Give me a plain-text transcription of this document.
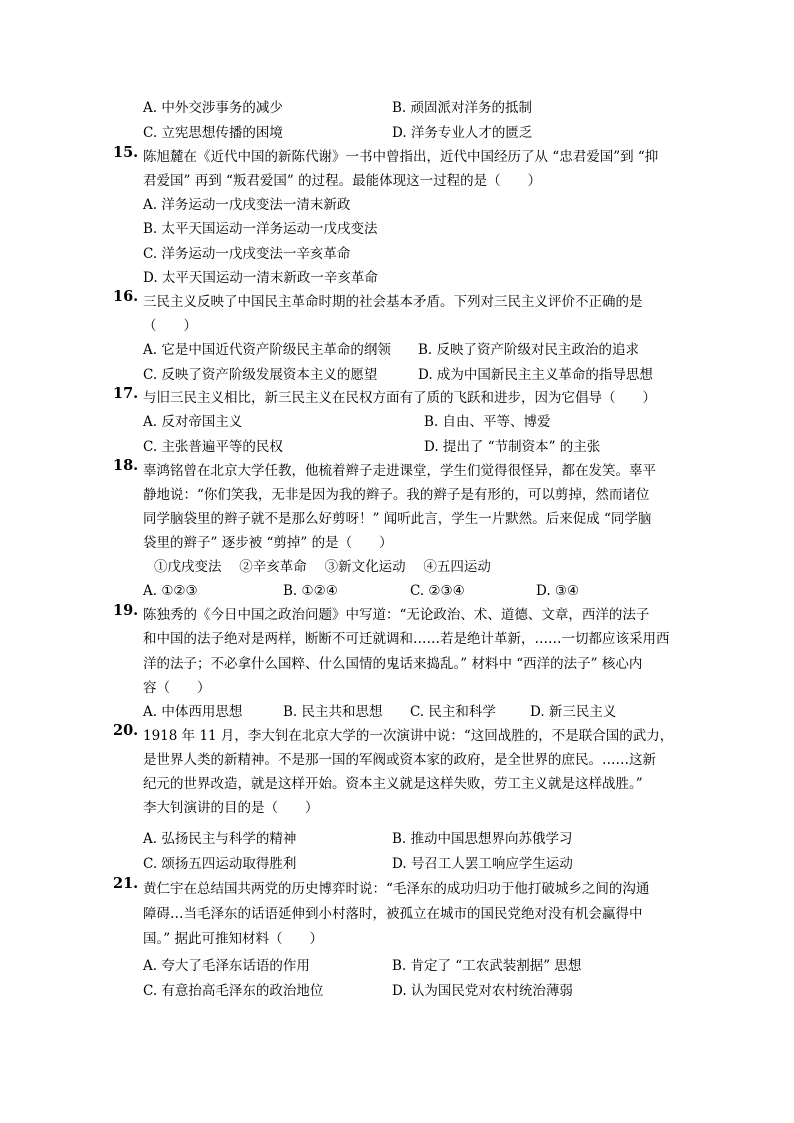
A. 中外交涉事务的减少	B. 顽固派对洋务的抵制
C. 立宪思想传播的困境	D. 洋务专业人才的匮乏
15. 陈旭麓在《近代中国的新陈代谢》一书中曾指出，近代中国经历了从 “忠君爱国”到 “抑
君爱国” 再到 “叛君爱国” 的过程。最能体现这一过程的是（　　）
A. 洋务运动一戊戌变法一清末新政
B. 太平天国运动一洋务运动一戊戌变法
C. 洋务运动一戊戌变法一辛亥革命
D. 太平天国运动一清末新政一辛亥革命
16. 三民主义反映了中国民主革命时期的社会基本矛盾。下列对三民主义评价不正确的是
（　　）
A. 它是中国近代资产阶级民主革命的纲领 B. 反映了资产阶级对民主政治的追求
C. 反映了资产阶级发展资本主义的愿望	D. 成为中国新民主主义革命的指导思想
17. 与旧三民主义相比，新三民主义在民权方面有了质的飞跃和进步，因为它倡导（　　）
A. 反对帝国主义	B. 自由、平等、博爱
C. 主张普遍平等的民权	D. 提出了 “节制资本” 的主张
18. 辜鸿铭曾在北京大学任教，他梳着辫子走进课堂，学生们觉得很怪异，都在发笑。辜平
静地说：“你们笑我，无非是因为我的辫子。我的辫子是有形的，可以剪掉，然而诸位
同学脑袋里的辫子就不是那么好剪呀！” 闻听此言，学生一片默然。后来促成 “同学脑
袋里的辫子” 逐步被 “剪掉” 的是（　　）
①戊戌变法　 ②辛亥革命　 ③新文化运动　 ④五四运动
A. ①②③	B. ①②④	C. ②③④	D. ③④
19. 陈独秀的《今日中国之政治问题》中写道：“无论政治、术、道德、文章，西洋的法子
和中国的法子绝对是两样，断断不可迁就调和……若是绝计革新，……一切都应该采用西
洋的法子；不必拿什么国粹、什么国情的鬼话来捣乱。” 材料中 “西洋的法子” 核心内
容（　　）
A. 中体西用思想	B. 民主共和思想 C. 民主和科学	D. 新三民主义
20. 1918 年 11 月，李大钊在北京大学的一次演讲中说：“这回战胜的，不是联合国的武力，
是世界人类的新精神。不是那一国的军阀或资本家的政府，是全世界的庶民。……这新
纪元的世界改造，就是这样开始。资本主义就是这样失败，劳工主义就是这样战胜。”
李大钊演讲的目的是（　　）
A. 弘扬民主与科学的精神	B. 推动中国思想界向苏俄学习
C. 颂扬五四运动取得胜利	D. 号召工人罢工响应学生运动
21. 黄仁宇在总结国共两党的历史博弈时说：“毛泽东的成功归功于他打破城乡之间的沟通
障碍…当毛泽东的话语延伸到小村落时，被孤立在城市的国民党绝对没有机会赢得中
国。” 据此可推知材料（　　）
A. 夸大了毛泽东话语的作用	B. 肯定了 “工农武装割据” 思想
C. 有意抬高毛泽东的政治地位	D. 认为国民党对农村统治薄弱
